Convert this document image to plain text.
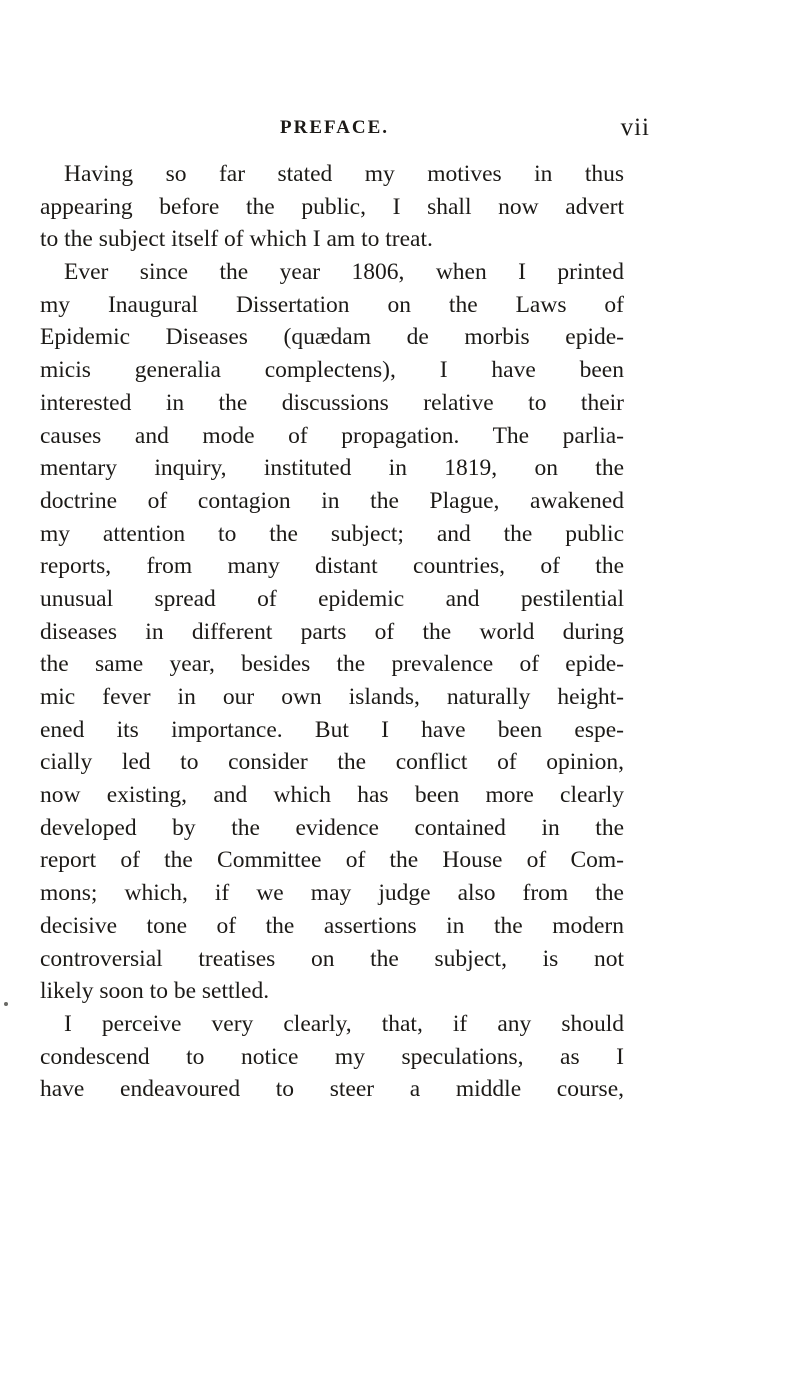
PREFACE.	vii
Having so far stated my motives in thus
appearing before the public, I shall now advert
to the subject itself of which I am to treat.
Ever since the year 1806, when I printed
my Inaugural Dissertation on the Laws of
Epidemic Diseases (quædam de morbis epide-
micis generalia complectens), I have been
interested in the discussions relative to their
causes and mode of propagation. The parlia-
mentary inquiry, instituted in 1819, on the
doctrine of contagion in the Plague, awakened
my attention to the subject; and the public
reports, from many distant countries, of the
unusual spread of epidemic and pestilential
diseases in different parts of the world during
the same year, besides the prevalence of epide-
mic fever in our own islands, naturally height-
ened its importance. But I have been espe-
cially led to consider the conflict of opinion,
now existing, and which has been more clearly
developed by the evidence contained in the
report of the Committee of the House of Com-
mons; which, if we may judge also from the
decisive tone of the assertions in the modern
controversial treatises on the subject, is not
likely soon to be settled.
I perceive very clearly, that, if any should
condescend to notice my speculations, as I
have endeavoured to steer a middle course,
